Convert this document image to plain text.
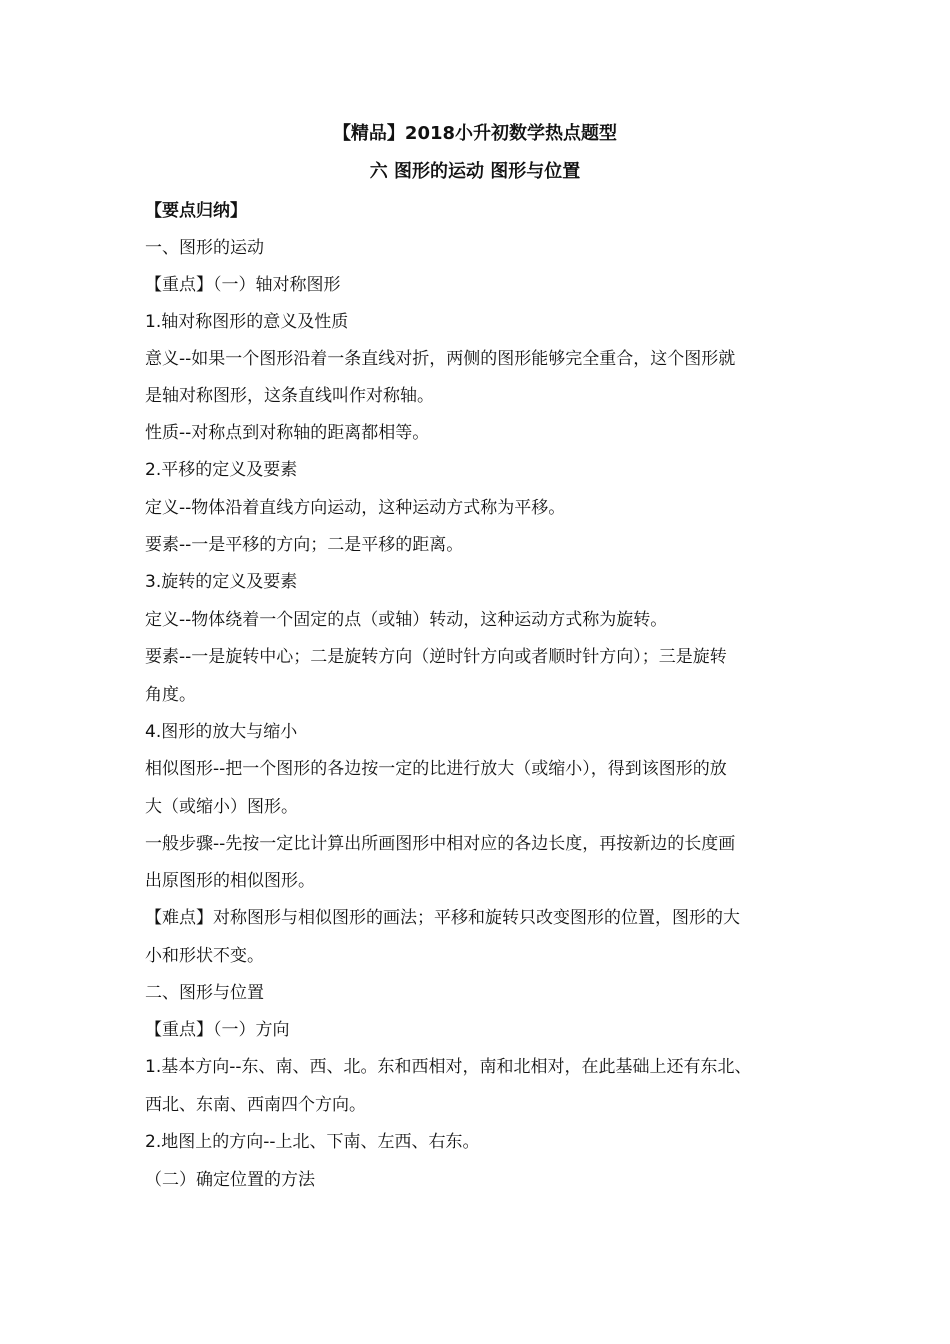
【精品】2018小升初数学热点题型
六 图形的运动 图形与位置
【要点归纳】
一、图形的运动
【重点】（一）轴对称图形
1.轴对称图形的意义及性质
意义--如果一个图形沿着一条直线对折，两侧的图形能够完全重合，这个图形就
是轴对称图形，这条直线叫作对称轴。
性质--对称点到对称轴的距离都相等。
2.平移的定义及要素
定义--物体沿着直线方向运动，这种运动方式称为平移。
要素--一是平移的方向；二是平移的距离。
3.旋转的定义及要素
定义--物体绕着一个固定的点（或轴）转动，这种运动方式称为旋转。
要素--一是旋转中心；二是旋转方向（逆时针方向或者顺时针方向）；三是旋转
角度。
4.图形的放大与缩小
相似图形--把一个图形的各边按一定的比进行放大（或缩小），得到该图形的放
大（或缩小）图形。
一般步骤--先按一定比计算出所画图形中相对应的各边长度，再按新边的长度画
出原图形的相似图形。
【难点】对称图形与相似图形的画法；平移和旋转只改变图形的位置，图形的大
小和形状不变。
二、图形与位置
【重点】（一）方向
1.基本方向--东、南、西、北。东和西相对，南和北相对，在此基础上还有东北、
西北、东南、西南四个方向。
2.地图上的方向--上北、下南、左西、右东。
（二）确定位置的方法
